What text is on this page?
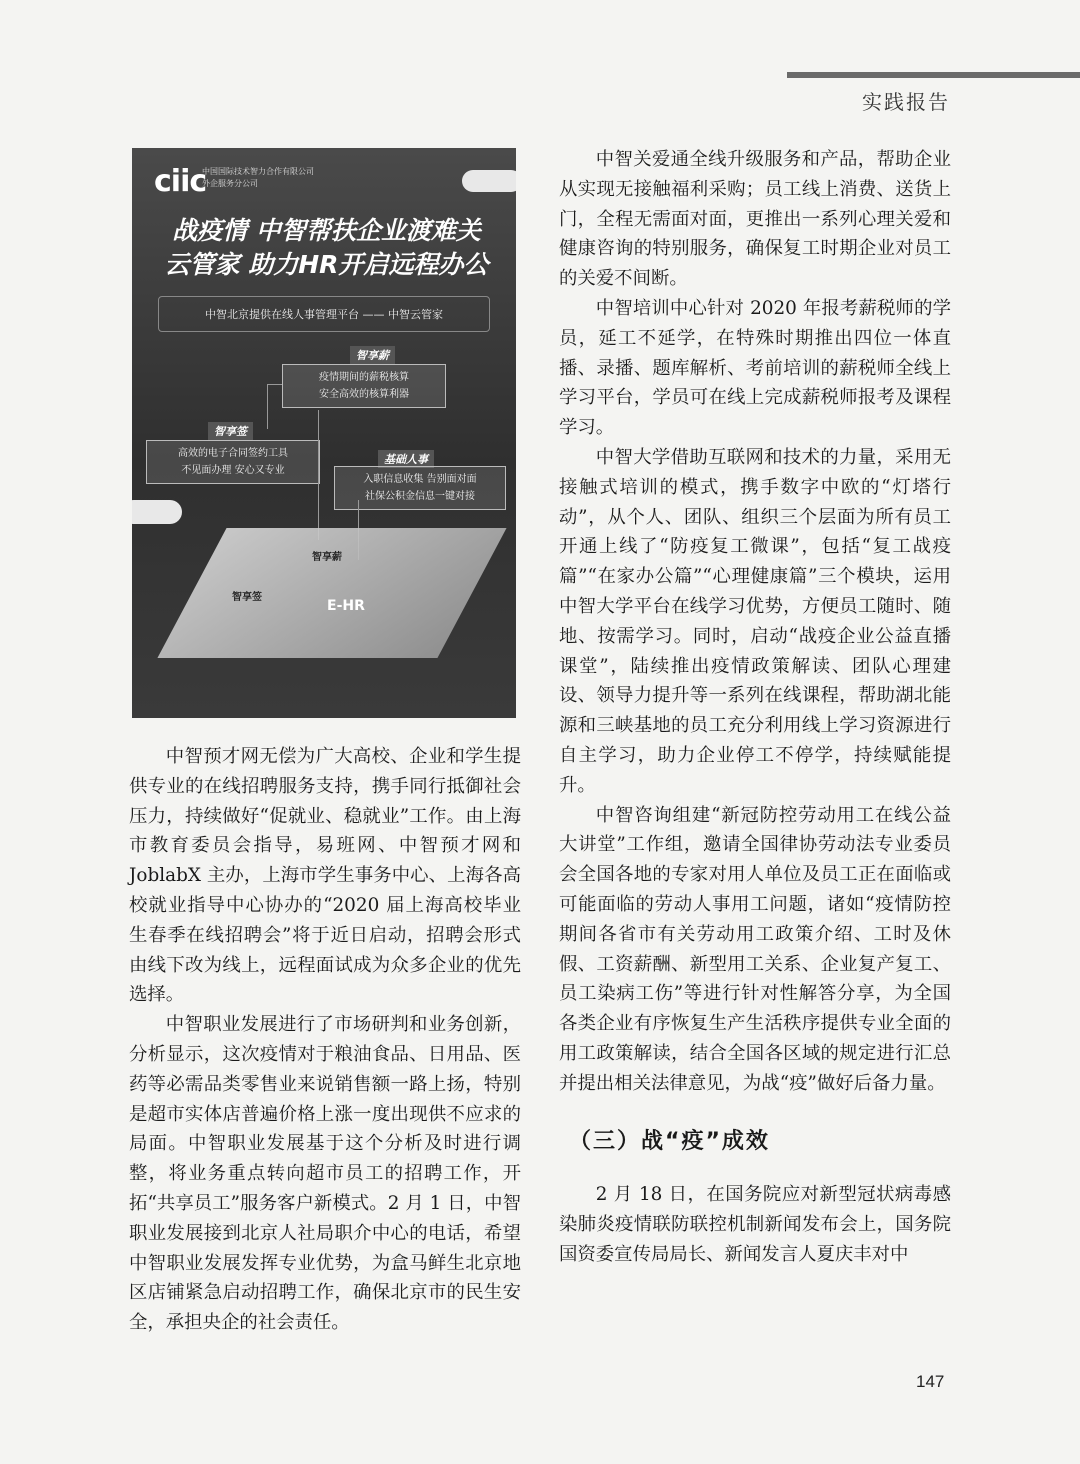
实践报告
ciic
中国国际技术智力合作有限公司
外企服务分公司
战疫情 中智帮扶企业渡难关
云管家 助力HR开启远程办公
中智北京提供在线人事管理平台 —— 中智云管家
智享薪
疫情期间的薪税核算
安全高效的核算利器
智享签
高效的电子合同签约工具
不见面办理 安心又专业
基础人事
入职信息收集 告别面对面
社保公积金信息一键对接
智享签
智享薪
E-HR

中智预才网无偿为广大高校、企业和学生提供专业的在线招聘服务支持，携手同行抵御社会压力，持续做好“促就业、稳就业”工作。由上海市教育委员会指导，易班网、中智预才网和 JoblabX 主办，上海市学生事务中心、上海各高校就业指导中心协办的“2020 届上海高校毕业生春季在线招聘会”将于近日启动，招聘会形式由线下改为线上，远程面试成为众多企业的优先选择。

中智职业发展进行了市场研判和业务创新，分析显示，这次疫情对于粮油食品、日用品、医药等必需品类零售业来说销售额一路上扬，特别是超市实体店普遍价格上涨一度出现供不应求的局面。中智职业发展基于这个分析及时进行调整，将业务重点转向超市员工的招聘工作，开拓“共享员工”服务客户新模式。2 月 1 日，中智职业发展接到北京人社局职介中心的电话，希望中智职业发展发挥专业优势，为盒马鲜生北京地区店铺紧急启动招聘工作，确保北京市的民生安全，承担央企的社会责任。

中智关爱通全线升级服务和产品，帮助企业从实现无接触福利采购；员工线上消费、送货上门，全程无需面对面，更推出一系列心理关爱和健康咨询的特别服务，确保复工时期企业对员工的关爱不间断。

中智培训中心针对 2020 年报考薪税师的学员，延工不延学，在特殊时期推出四位一体直播、录播、题库解析、考前培训的薪税师全线上学习平台，学员可在线上完成薪税师报考及课程学习。

中智大学借助互联网和技术的力量，采用无接触式培训的模式，携手数字中欧的“灯塔行动”，从个人、团队、组织三个层面为所有员工开通上线了“防疫复工微课”，包括“复工战疫篇”“在家办公篇”“心理健康篇”三个模块，运用中智大学平台在线学习优势，方便员工随时、随地、按需学习。同时，启动“战疫企业公益直播课堂”，陆续推出疫情政策解读、团队心理建设、领导力提升等一系列在线课程，帮助湖北能源和三峡基地的员工充分利用线上学习资源进行自主学习，助力企业停工不停学，持续赋能提升。

中智咨询组建“新冠防控劳动用工在线公益大讲堂”工作组，邀请全国律协劳动法专业委员会全国各地的专家对用人单位及员工正在面临或可能面临的劳动人事用工问题，诸如“疫情防控期间各省市有关劳动用工政策介绍、工时及休假、工资薪酬、新型用工关系、企业复产复工、员工染病工伤”等进行针对性解答分享，为全国各类企业有序恢复生产生活秩序提供专业全面的用工政策解读，结合全国各区域的规定进行汇总并提出相关法律意见，为战“疫”做好后备力量。

（三）战“疫”成效

2 月 18 日，在国务院应对新型冠状病毒感染肺炎疫情联防联控机制新闻发布会上，国务院国资委宣传局局长、新闻发言人夏庆丰对中

147
